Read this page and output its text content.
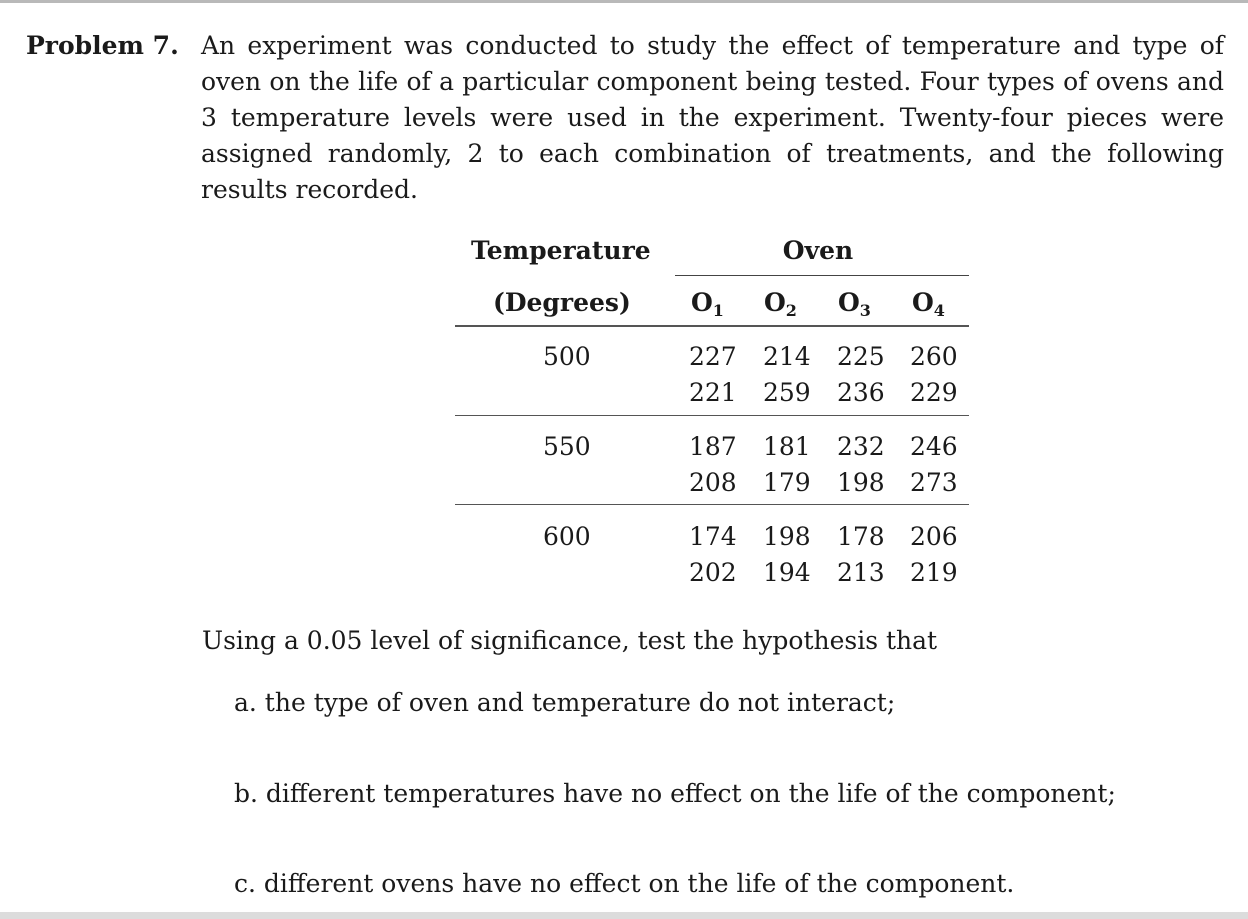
Problem 7. An experiment was conducted to study the effect of temperature and type of oven on the life of a particular component being tested. Four types of ovens and 3 temperature levels were used in the experiment. Twenty-four pieces were assigned randomly, 2 to each combination of treatments, and the following results recorded.
Temperature	Oven
(Degrees) $O_1$ $O_2$ $O_3$ $O_4$
500	227 214 225 260
221 259 236 229
550	187 181 232 246
208 179 198 273
600	174 198 178 206
202 194 213 219
Using a 0.05 level of significance, test the hypothesis that
a. the type of oven and temperature do not interact;
b. different temperatures have no effect on the life of the component;
c. different ovens have no effect on the life of the component.
